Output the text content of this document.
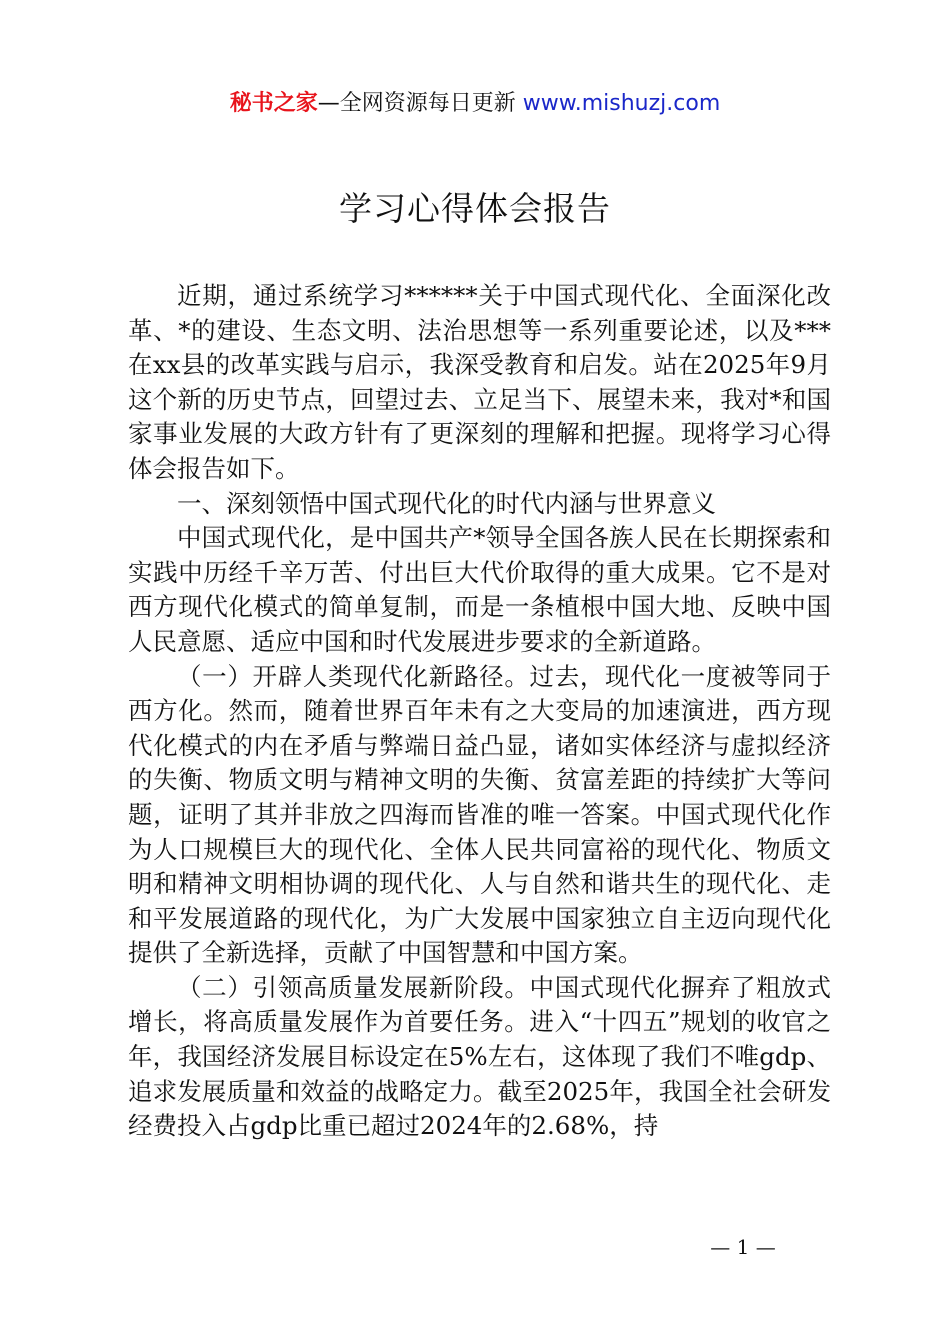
秘书之家—全网资源每日更新 www.mishuzj.com
学习心得体会报告

近期，通过系统学习******关于中国式现代化、全面深化改革、*的建设、生态文明、法治思想等一系列重要论述，以及***在xx县的改革实践与启示，我深受教育和启发。站在2025年9月这个新的历史节点，回望过去、立足当下、展望未来，我对*和国家事业发展的大政方针有了更深刻的理解和把握。现将学习心得体会报告如下。

一、深刻领悟中国式现代化的时代内涵与世界意义

中国式现代化，是中国共产*领导全国各族人民在长期探索和实践中历经千辛万苦、付出巨大代价取得的重大成果。它不是对西方现代化模式的简单复制，而是一条植根中国大地、反映中国人民意愿、适应中国和时代发展进步要求的全新道路。

（一）开辟人类现代化新路径。过去，现代化一度被等同于西方化。然而，随着世界百年未有之大变局的加速演进，西方现代化模式的内在矛盾与弊端日益凸显，诸如实体经济与虚拟经济的失衡、物质文明与精神文明的失衡、贫富差距的持续扩大等问题，证明了其并非放之四海而皆准的唯一答案。中国式现代化作为人口规模巨大的现代化、全体人民共同富裕的现代化、物质文明和精神文明相协调的现代化、人与自然和谐共生的现代化、走和平发展道路的现代化，为广大发展中国家独立自主迈向现代化提供了全新选择，贡献了中国智慧和中国方案。

（二）引领高质量发展新阶段。中国式现代化摒弃了粗放式增长，将高质量发展作为首要任务。进入“十四五”规划的收官之年，我国经济发展目标设定在5%左右，这体现了我们不唯gdp、追求发展质量和效益的战略定力。截至2025年，我国全社会研发经费投入占gdp比重已超过2024年的2.68%，持

— 1 —
